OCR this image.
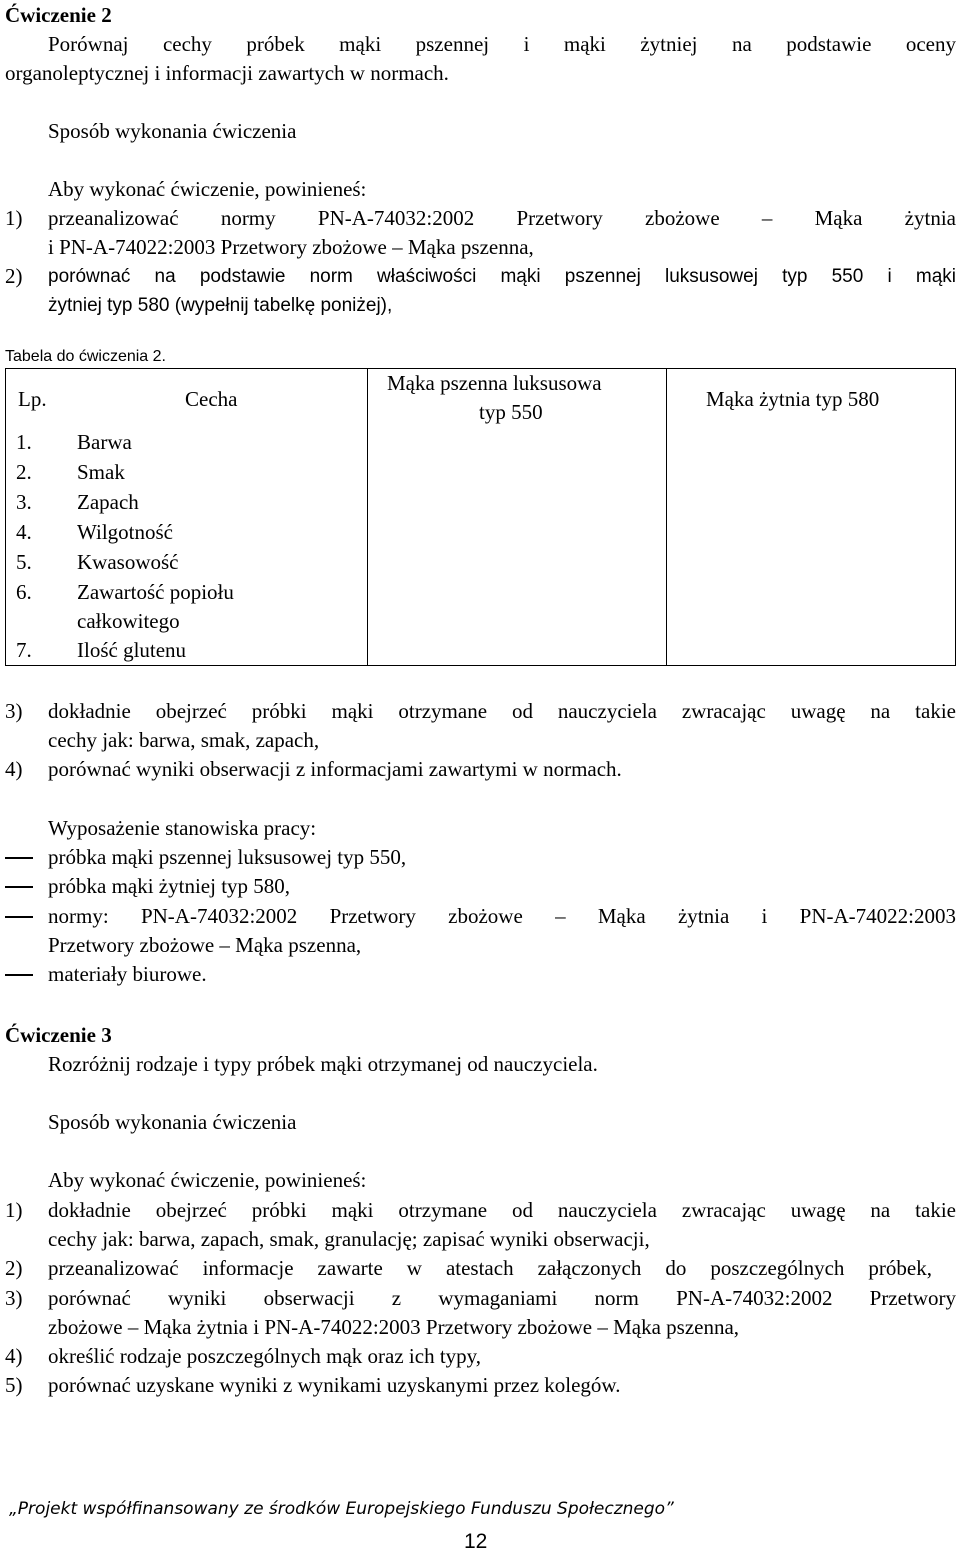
Ćwiczenie 2
Porównaj cechy próbek mąki pszennej i mąki żytniej na podstawie oceny
organoleptycznej i informacji zawartych w normach.
Sposób wykonania ćwiczenia
Aby wykonać ćwiczenie, powinieneś:
1) przeanalizować normy PN-A-74032:2002 Przetwory zbożowe – Mąka żytnia
i PN-A-74022:2003 Przetwory zbożowe – Mąka pszenna,
2) porównać na podstawie norm właściwości mąki pszennej luksusowej typ 550 i mąki
żytniej typ 580 (wypełnij tabelkę poniżej),
Tabela do ćwiczenia 2.
Lp.	Cecha
Mąka pszenna luksusowa
typ 550
Mąka żytnia typ 580
1. Barwa
2. Smak
3. Zapach
4. Wilgotność
5. Kwasowość
6. Zawartość popiołu
całkowitego
7. Ilość glutenu
3) dokładnie obejrzeć próbki mąki otrzymane od nauczyciela zwracając uwagę na takie
cechy jak: barwa, smak, zapach,
4) porównać wyniki obserwacji z informacjami zawartymi w normach.
Wyposażenie stanowiska pracy:
próbka mąki pszennej luksusowej typ 550,
próbka mąki żytniej typ 580,
normy: PN-A-74032:2002 Przetwory zbożowe – Mąka żytnia i PN-A-74022:2003
Przetwory zbożowe – Mąka pszenna,
materiały biurowe.
Ćwiczenie 3
Rozróżnij rodzaje i typy próbek mąki otrzymanej od nauczyciela.
Sposób wykonania ćwiczenia
Aby wykonać ćwiczenie, powinieneś:
1) dokładnie obejrzeć próbki mąki otrzymane od nauczyciela zwracając uwagę na takie
cechy jak: barwa, zapach, smak, granulację; zapisać wyniki obserwacji,
2) przeanalizować informacje zawarte w atestach załączonych do poszczególnych próbek,
3) porównać wyniki obserwacji z wymaganiami norm PN-A-74032:2002 Przetwory
zbożowe – Mąka żytnia i PN-A-74022:2003 Przetwory zbożowe – Mąka pszenna,
4) określić rodzaje poszczególnych mąk oraz ich typy,
5) porównać uzyskane wyniki z wynikami uzyskanymi przez kolegów.
„Projekt współfinansowany ze środków Europejskiego Funduszu Społecznego”
12
